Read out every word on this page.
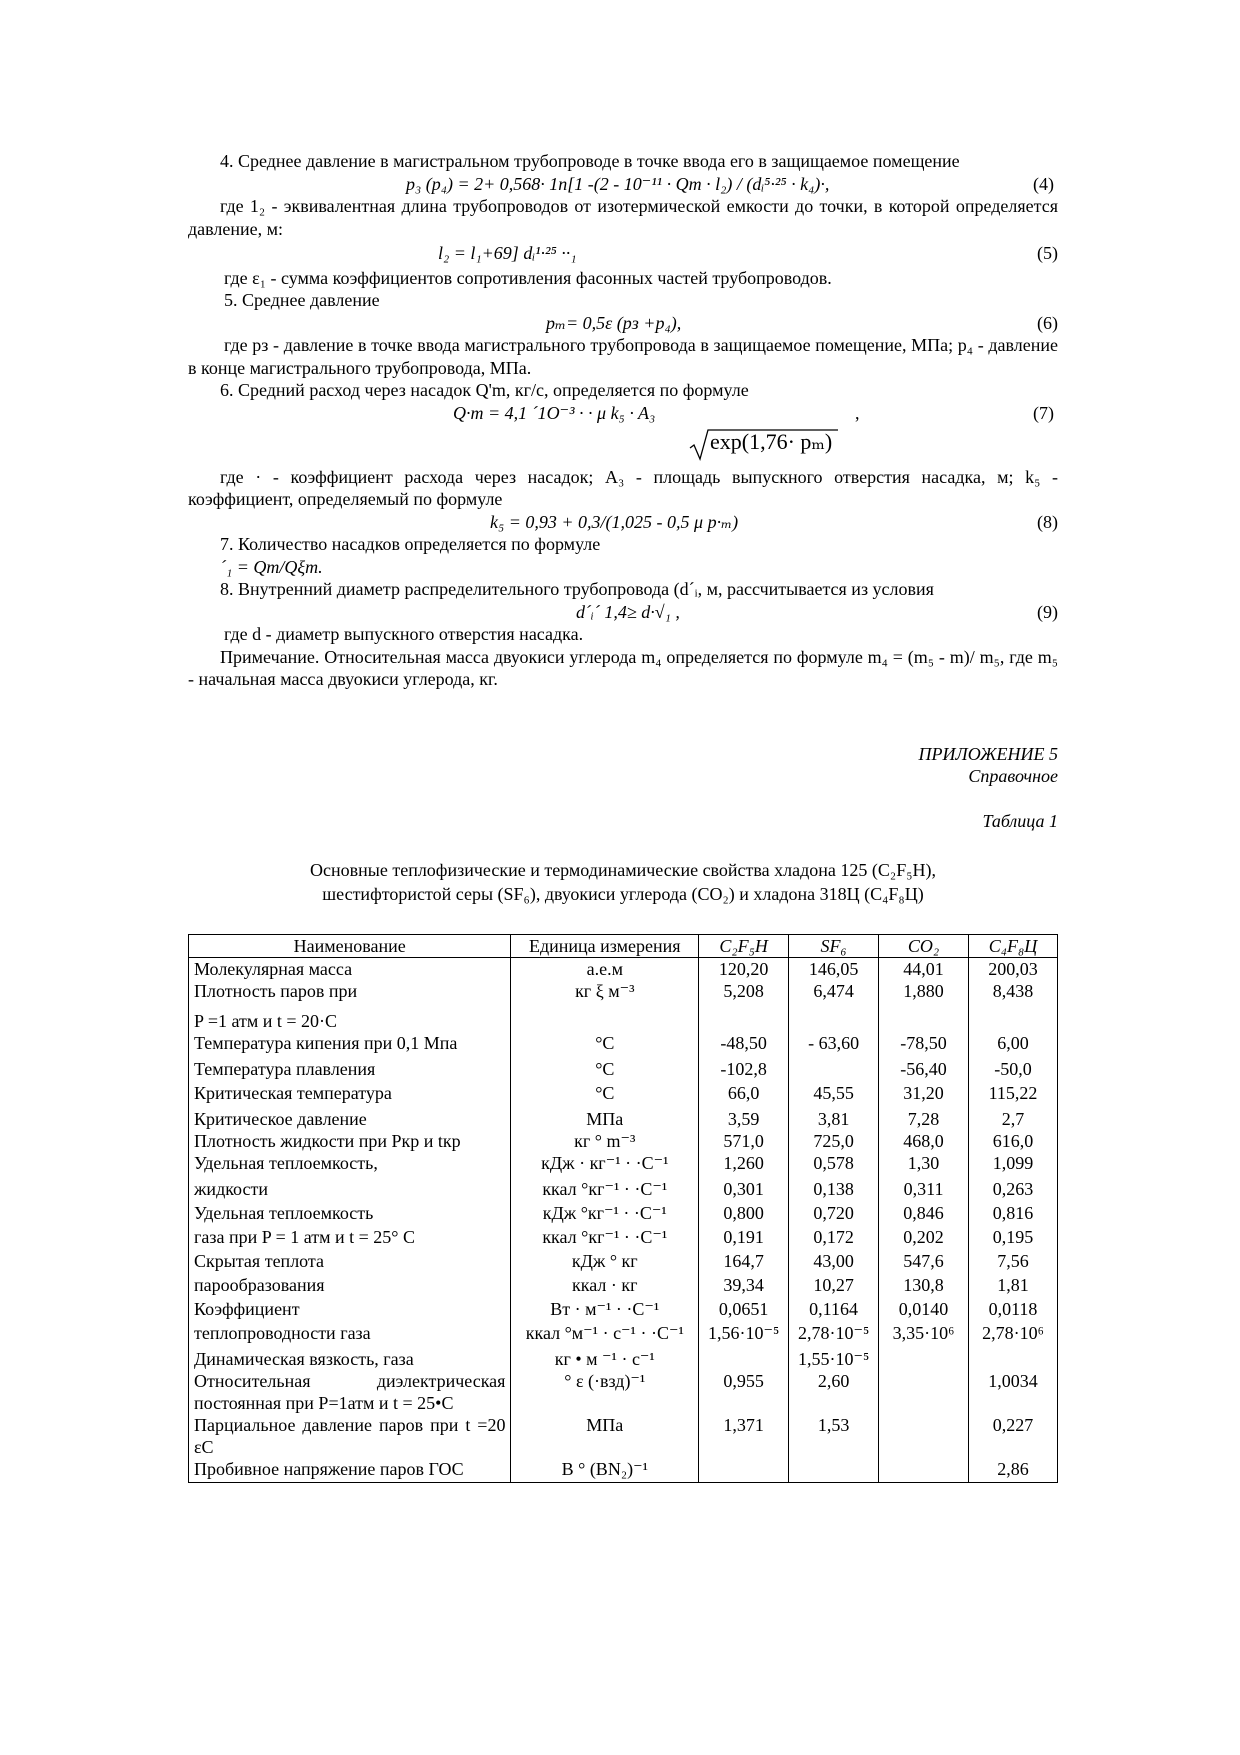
4. Среднее давление в магистральном трубопроводе в точке ввода его в защищаемое помещение

p₃ (p₄) = 2+ 0,568· 1n[1 -(2 - 10⁻¹¹ · Qm · l₂) / (dᵢ⁵·²⁵ · k₄)·,	(4)

где 1₂ - эквивалентная длина трубопроводов от изотермической емкости до точки, в которой определяется давление, м:

l₂ = l₁+69] dᵢ¹·²⁵ ··₁	(5)

где ε₁ - сумма коэффициентов сопротивления фасонных частей трубопроводов.

5. Среднее давление

pₘ= 0,5ε (pз +p₄),	(6)

где pз - давление в точке ввода магистрального трубопровода в защищаемое помещение, МПа; p₄ - давление в конце магистрального трубопровода, МПа.

6. Средний расход через насадок Q'm, кг/с, определяется по формуле

Q·m = 4,1 ´1O⁻³ · · μ k₅ · A₃
exp(1,76· pₘ)
,	(7)

где · - коэффициент расхода через насадок; A₃ - площадь выпускного отверстия насадка, м; k₅ - коэффициент, определяемый по формуле

k₅ = 0,93 + 0,3/(1,025 - 0,5 μ p·ₘ)	(8)

7. Количество насадков определяется по формуле

´₁ = Qm/Qξm.

8. Внутренний диаметр распределительного трубопровода (d´ᵢ, м, рассчитывается из условия

d´ᵢ´ 1,4≥ d·√₁ ,	(9)

где d - диаметр выпускного отверстия насадка.

Примечание. Относительная масса двуокиси углерода m₄ определяется по формуле m₄ = (m₅ - m)/ m₅, где m₅ - начальная масса двуокиси углерода, кг.

ПРИЛОЖЕНИЕ 5

Справочное

Таблица 1

Основные теплофизические и термодинамические свойства хладона 125 (C₂F₅H), шестифтористой серы (SF₆), двуокиси углерода (CO₂) и хладона 318Ц (C₄F₈Ц)

Наименование	Единица измерения	C₂F₅H	SF₆	CO₂	C₄F₈Ц
Молекулярная масса	а.е.м	120,20	146,05	44,01	200,03
Плотность паров при	кг ξ м⁻³	5,208	6,474	1,880	8,438
P =1 атм и t = 20·C					
Температура кипения при 0,1 Мпа	°C	-48,50	- 63,60	-78,50	6,00
Температура плавления	°C	-102,8		-56,40	-50,0
Критическая температура	°C	66,0	45,55	31,20	115,22
Критическое давление	МПа	3,59	3,81	7,28	2,7
Плотность жидкости при Pкр и tкр	кг ° m⁻³	571,0	725,0	468,0	616,0
Удельная теплоемкость,	кДж · кг⁻¹ · ·C⁻¹	1,260	0,578	1,30	1,099
жидкости	ккал °кг⁻¹ · ·C⁻¹	0,301	0,138	0,311	0,263
Удельная теплоемкость	кДж °кг⁻¹ · ·C⁻¹	0,800	0,720	0,846	0,816
газа при P = 1 атм и t = 25° C	ккал °кг⁻¹ · ·C⁻¹	0,191	0,172	0,202	0,195
Скрытая теплота	кДж ° кг	164,7	43,00	547,6	7,56
парообразования	ккал · кг	39,34	10,27	130,8	1,81
Коэффициент	Вт · м⁻¹ · ·C⁻¹	0,0651	0,1164	0,0140	0,0118
теплопроводности газа	ккал °м⁻¹ · c⁻¹ · ·C⁻¹	1,56·10⁻⁵	2,78·10⁻⁵	3,35·10⁶	2,78·10⁶
Динамическая вязкость, газа	кг • м ⁻¹ · c⁻¹		1,55·10⁻⁵		
Относительная диэлектрическая постоянная при P=1атм и t = 25•C	° ε (·взд)⁻¹	0,955	2,60		1,0034
Парциальное давление паров при t =20 εC	МПа	1,371	1,53		0,227
Пробивное напряжение паров ГОС	B ° (BN₂)⁻¹				2,86
